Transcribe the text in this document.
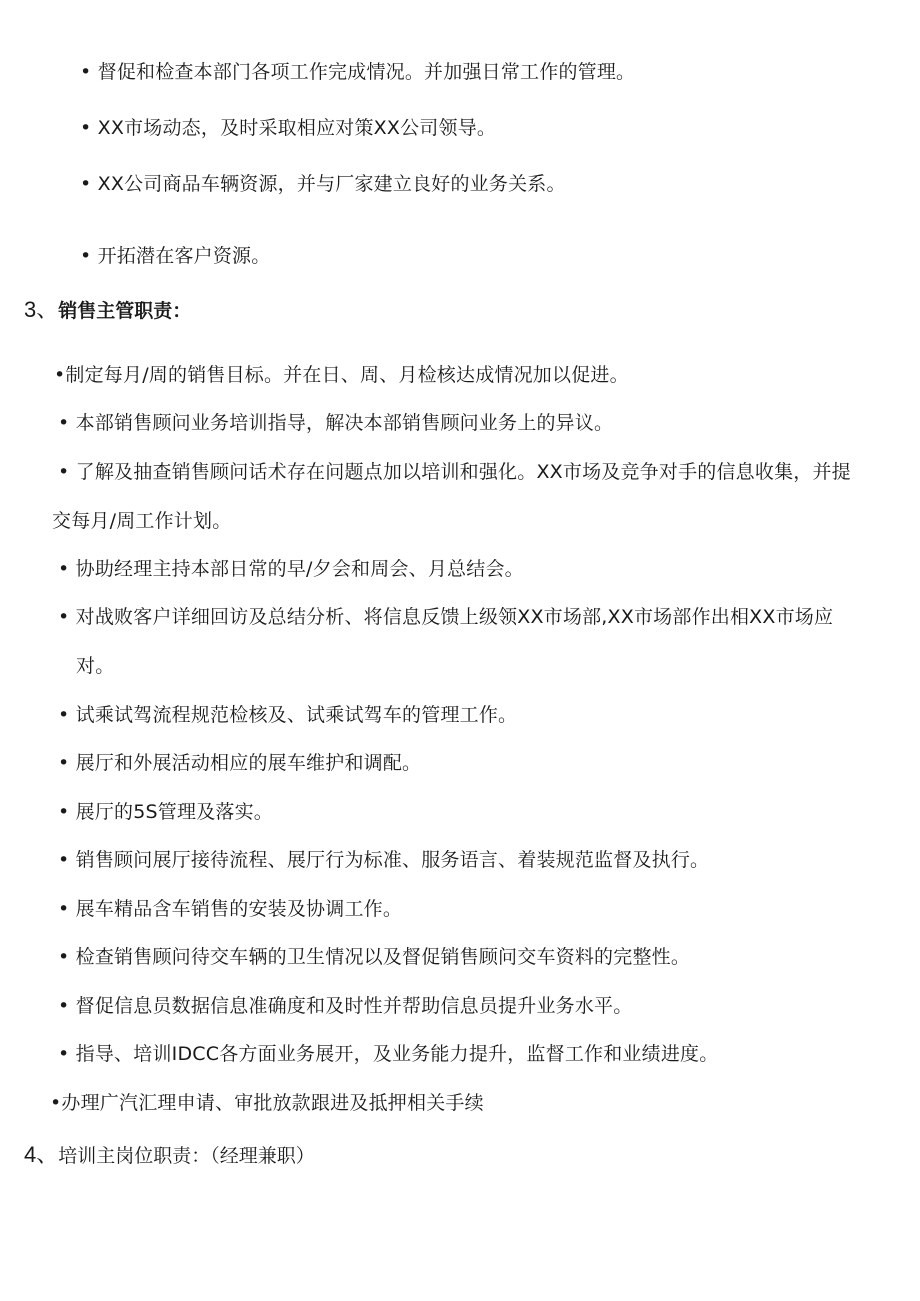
• 督促和检查本部门各项工作完成情况。并加强日常工作的管理。
• XX市场动态，及时采取相应对策XX公司领导。
• XX公司商品车辆资源，并与厂家建立良好的业务关系。
• 开拓潜在客户资源。
3、销售主管职责：
•制定每月/周的销售目标。并在日、周、月检核达成情况加以促进。
• 本部销售顾问业务培训指导，解决本部销售顾问业务上的异议。
• 了解及抽查销售顾问话术存在问题点加以培训和强化。XX市场及竞争对手的信息收集，并提
交每月/周工作计划。
• 协助经理主持本部日常的早/夕会和周会、月总结会。
• 对战败客户详细回访及总结分析、将信息反馈上级领XX市场部,XX市场部作出相XX市场应
对。
• 试乘试驾流程规范检核及、试乘试驾车的管理工作。
• 展厅和外展活动相应的展车维护和调配。
• 展厅的5S管理及落实。
• 销售顾问展厅接待流程、展厅行为标准、服务语言、着装规范监督及执行。
• 展车精品含车销售的安装及协调工作。
• 检查销售顾问待交车辆的卫生情况以及督促销售顾问交车资料的完整性。
• 督促信息员数据信息准确度和及时性并帮助信息员提升业务水平。
• 指导、培训IDCC各方面业务展开，及业务能力提升，监督工作和业绩进度。
•办理广汽汇理申请、审批放款跟进及抵押相关手续
4、培训主岗位职责：（经理兼职）
